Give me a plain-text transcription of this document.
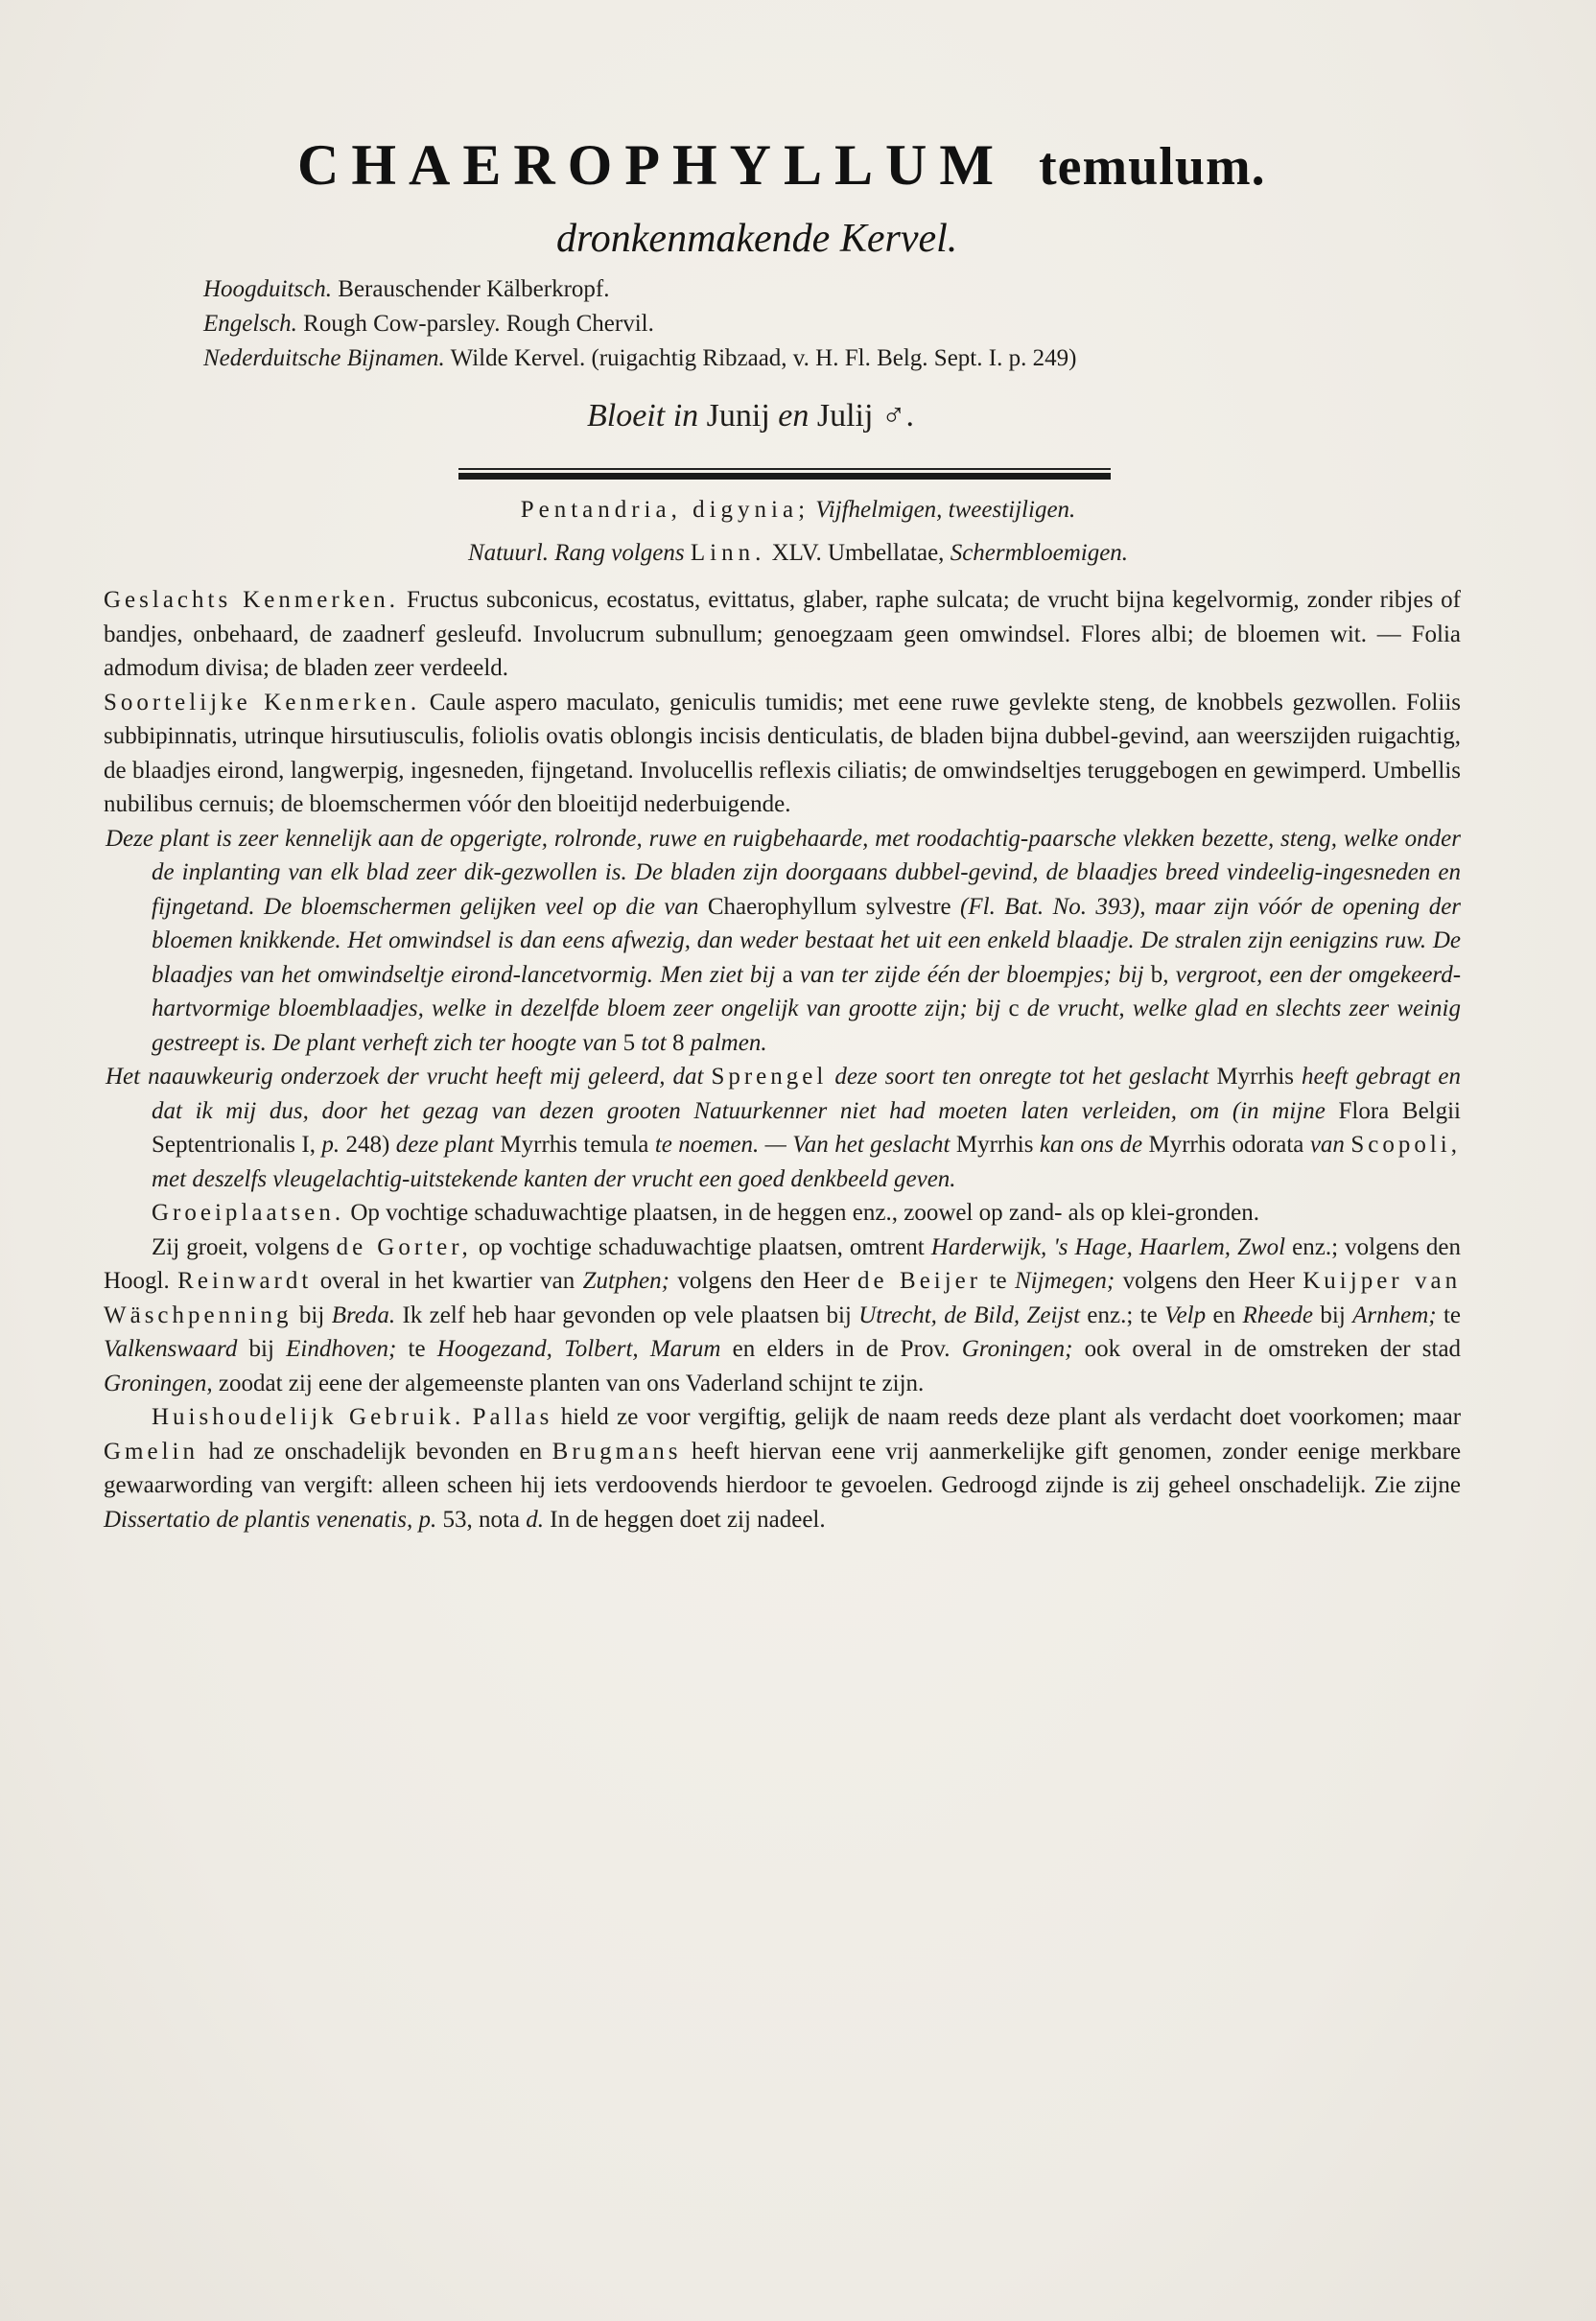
CHAEROPHYLLUM temulum.
dronkenmakende Kervel.
Hoogduitsch. Berauschender Kälberkropf.
Engelsch. Rough Cow-parsley. Rough Chervil.
Nederduitsche Bijnamen. Wilde Kervel. (ruigachtig Ribzaad, v. H. Fl. Belg. Sept. I. p. 249)
Bloeit in Junij en Julij ♂.
Pentandria, digynia; Vijfhelmigen, tweestijligen.
Natuurl. Rang volgens Linn. XLV. Umbellatae, Schermbloemigen.

Geslachts Kenmerken. Fructus subconicus, ecostatus, evittatus, glaber, raphe sulcata; de vrucht bijna kegelvormig, zonder ribjes of bandjes, onbehaard, de zaadnerf gesleufd. Involucrum subnullum; genoegzaam geen omwindsel. Flores albi; de bloemen wit. — Folia admodum divisa; de bladen zeer verdeeld.

Soortelijke Kenmerken. Caule aspero maculato, geniculis tumidis; met eene ruwe gevlekte steng, de knobbels gezwollen. Foliis subbipinnatis, utrinque hirsutiusculis, foliolis ovatis oblongis incisis denticulatis, de bladen bijna dubbel-gevind, aan weerszijden ruigachtig, de blaadjes eirond, langwerpig, ingesneden, fijngetand. Involucellis reflexis ciliatis; de omwindseltjes teruggebogen en gewimperd. Umbellis nubilibus cernuis; de bloemschermen vóór den bloeitijd nederbuigende.

Deze plant is zeer kennelijk aan de opgerigte, rolronde, ruwe en ruigbehaarde, met roodachtig-paarsche vlekken bezette, steng, welke onder de inplanting van elk blad zeer dik-gezwollen is. De bladen zijn doorgaans dubbel-gevind, de blaadjes breed vindeelig-ingesneden en fijngetand. De bloemschermen gelijken veel op die van Chaerophyllum sylvestre (Fl. Bat. No. 393), maar zijn vóór de opening der bloemen knikkende. Het omwindsel is dan eens afwezig, dan weder bestaat het uit een enkeld blaadje. De stralen zijn eenigzins ruw. De blaadjes van het omwindseltje eirond-lancetvormig. Men ziet bij a van ter zijde één der bloempjes; bij b, vergroot, een der omgekeerd-hartvormige bloemblaadjes, welke in dezelfde bloem zeer ongelijk van grootte zijn; bij c de vrucht, welke glad en slechts zeer weinig gestreept is. De plant verheft zich ter hoogte van 5 tot 8 palmen.

Het naauwkeurig onderzoek der vrucht heeft mij geleerd, dat Sprengel deze soort ten onregte tot het geslacht Myrrhis heeft gebragt en dat ik mij dus, door het gezag van dezen grooten Natuurkenner niet had moeten laten verleiden, om (in mijne Flora Belgii Septentrionalis I, p. 248) deze plant Myrrhis temula te noemen. — Van het geslacht Myrrhis kan ons de Myrrhis odorata van Scopoli, met deszelfs vleugelachtig-uitstekende kanten der vrucht een goed denkbeeld geven.

Groeiplaatsen. Op vochtige schaduwachtige plaatsen, in de heggen enz., zoowel op zand- als op klei-gronden.

Zij groeit, volgens de Gorter, op vochtige schaduwachtige plaatsen, omtrent Harderwijk, 's Hage, Haarlem, Zwol enz.; volgens den Hoogl. Reinwardt overal in het kwartier van Zutphen; volgens den Heer de Beijer te Nijmegen; volgens den Heer Kuijper van Wäschpenning bij Breda. Ik zelf heb haar gevonden op vele plaatsen bij Utrecht, de Bild, Zeijst enz.; te Velp en Rheede bij Arnhem; te Valkenswaard bij Eindhoven; te Hoogezand, Tolbert, Marum en elders in de Prov. Groningen; ook overal in de omstreken der stad Groningen, zoodat zij eene der algemeenste planten van ons Vaderland schijnt te zijn.

Huishoudelijk Gebruik. Pallas hield ze voor vergiftig, gelijk de naam reeds deze plant als verdacht doet voorkomen; maar Gmelin had ze onschadelijk bevonden en Brugmans heeft hiervan eene vrij aanmerkelijke gift genomen, zonder eenige merkbare gewaarwording van vergift: alleen scheen hij iets verdoovends hierdoor te gevoelen. Gedroogd zijnde is zij geheel onschadelijk. Zie zijne Dissertatio de plantis venenatis, p. 53, nota d. In de heggen doet zij nadeel.
